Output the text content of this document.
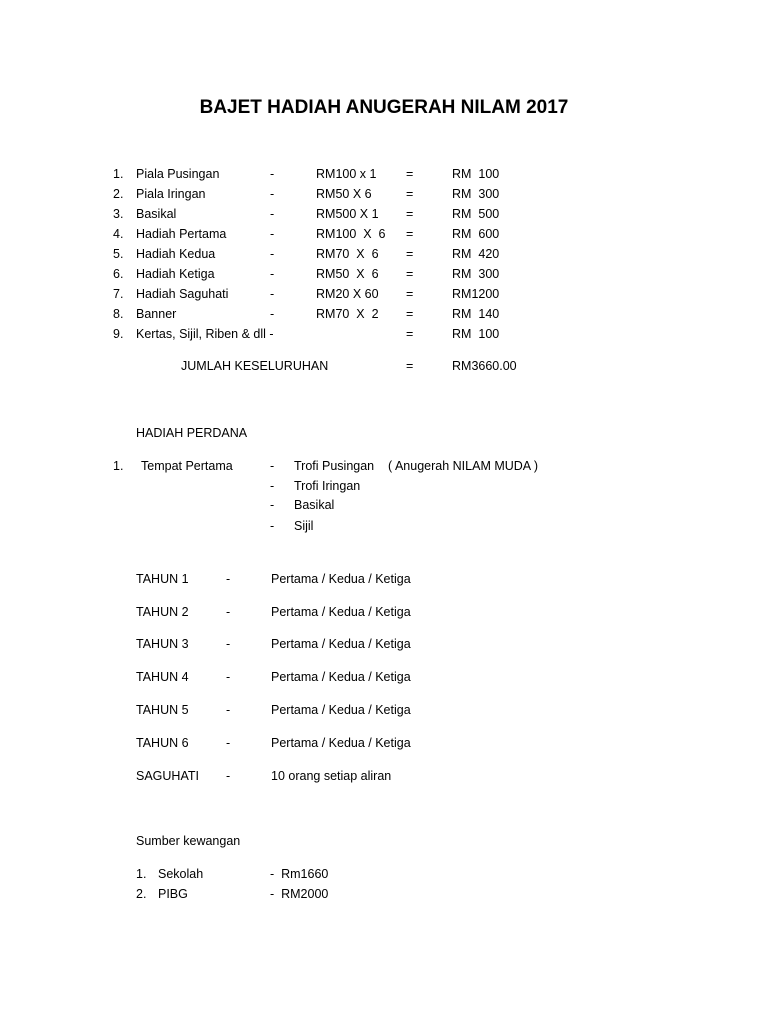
BAJET HADIAH ANUGERAH NILAM 2017
1. Piala Pusingan	-	RM100 x 1 =	RM  100
2. Piala Iringan	-	RM50 X 6	=	RM  300
3. Basikal	-	RM500 X 1 =	RM  500
4. Hadiah Pertama	-	RM100  X  6 =	RM  600
5. Hadiah Kedua	-	RM70  X  6 =	RM  420
6. Hadiah Ketiga	-	RM50  X  6 =	RM  300
7. Hadiah Saguhati	-	RM20 X 60 =	RM1200
8. Banner	-	RM70  X  2 =	RM  140
9. Kertas, Sijil, Riben & dll -	=	RM  100
JUMLAH KESELURUHAN	=	RM3660.00
HADIAH PERDANA
1. Tempat Pertama	- Trofi Pusingan    ( Anugerah NILAM MUDA )
- Trofi Iringan
- Basikal
- Sijil
TAHUN 1	-	Pertama / Kedua / Ketiga
TAHUN 2	-	Pertama / Kedua / Ketiga
TAHUN 3	-	Pertama / Kedua / Ketiga
TAHUN 4	-	Pertama / Kedua / Ketiga
TAHUN 5	-	Pertama / Kedua / Ketiga
TAHUN 6	-	Pertama / Kedua / Ketiga
SAGUHATI -	10 orang setiap aliran
Sumber kewangan
1. Sekolah	-  Rm1660
2. PIBG	-  RM2000
